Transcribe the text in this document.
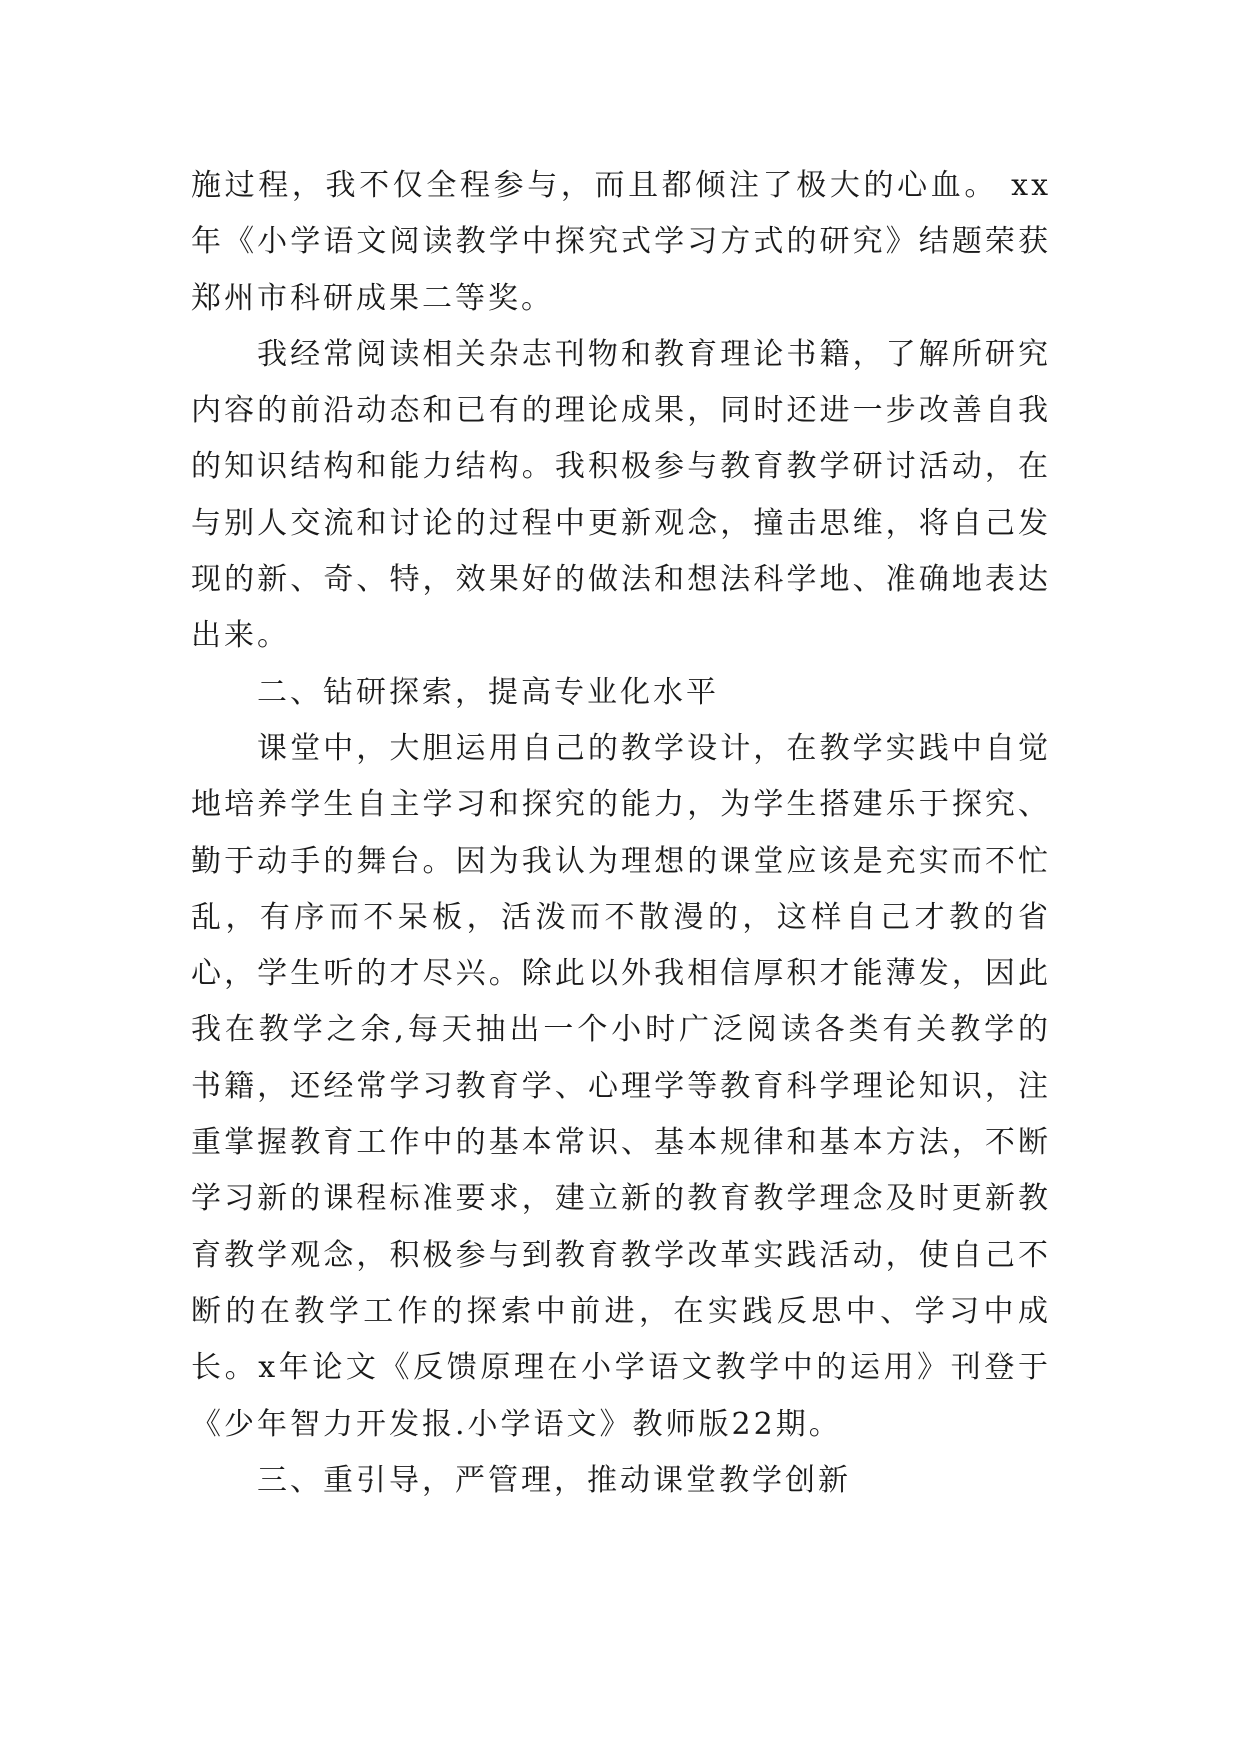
施过程，我不仅全程参与，而且都倾注了极大的心血。 xx年《小学语文阅读教学中探究式学习方式的研究》结题荣获郑州市科研成果二等奖。

我经常阅读相关杂志刊物和教育理论书籍，了解所研究内容的前沿动态和已有的理论成果，同时还进一步改善自我的知识结构和能力结构。我积极参与教育教学研讨活动，在与别人交流和讨论的过程中更新观念，撞击思维，将自己发现的新、奇、特，效果好的做法和想法科学地、准确地表达出来。

二、钻研探索，提高专业化水平

课堂中，大胆运用自己的教学设计，在教学实践中自觉地培养学生自主学习和探究的能力，为学生搭建乐于探究、勤于动手的舞台。因为我认为理想的课堂应该是充实而不忙乱，有序而不呆板，活泼而不散漫的，这样自己才教的省心，学生听的才尽兴。除此以外我相信厚积才能薄发，因此我在教学之余,每天抽出一个小时广泛阅读各类有关教学的书籍，还经常学习教育学、心理学等教育科学理论知识，注重掌握教育工作中的基本常识、基本规律和基本方法，不断学习新的课程标准要求，建立新的教育教学理念及时更新教育教学观念，积极参与到教育教学改革实践活动，使自己不断的在教学工作的探索中前进，在实践反思中、学习中成长。x年论文《反馈原理在小学语文教学中的运用》刊登于《少年智力开发报.小学语文》教师版22期。

三、重引导，严管理，推动课堂教学创新
